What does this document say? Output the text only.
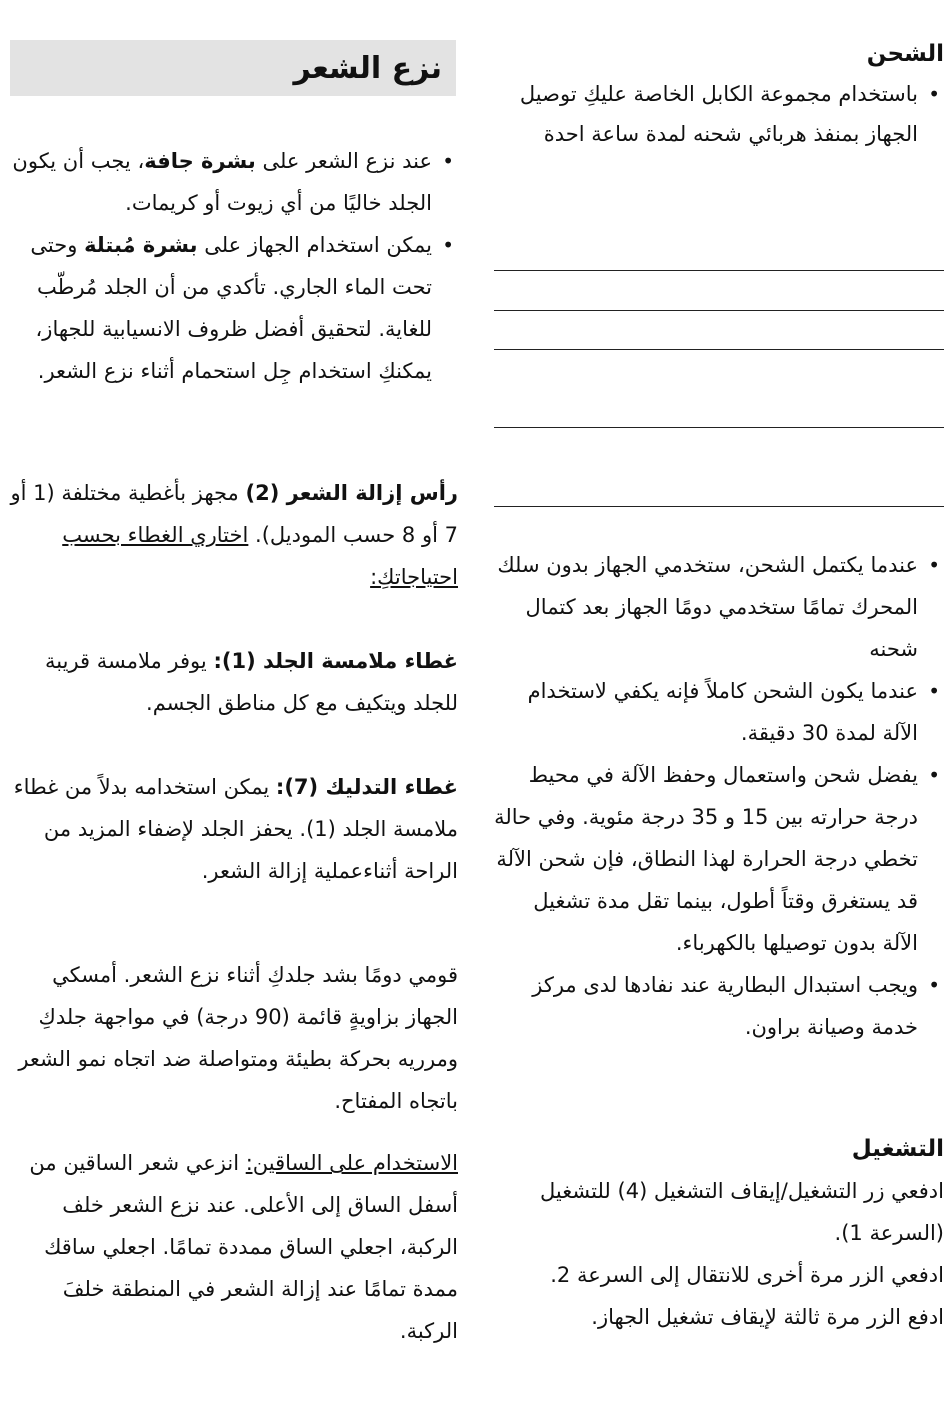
نزع الشعر
• عند نزع الشعر على بشرة جافة، يجب أن يكون الجلد خاليًا من أي زيوت أو كريمات.
• يمكن استخدام الجهاز على بشرة مُبتلة وحتى تحت الماء الجاري. تأكدي من أن الجلد مُرطّب للغاية. لتحقيق أفضل ظروف الانسيابية للجهاز، يمكنكِ استخدام جِل استحمام أثناء نزع الشعر.

رأس إزالة الشعر (2) مجهز بأغطية مختلفة (1 أو 7 أو 8 حسب الموديل). اختاري الغطاء بحسب احتياجاتكِ:

غطاء ملامسة الجلد (1): يوفر ملامسة قريبة للجلد ويتكيف مع كل مناطق الجسم.

غطاء التدليك (7): يمكن استخدامه بدلاً من غطاء ملامسة الجلد (1). يحفز الجلد لإضفاء المزيد من الراحة أثناءعملية إزالة الشعر.

قومي دومًا بشد جلدكِ أثناء نزع الشعر. أمسكي الجهاز بزاويةٍ قائمة (90 درجة) في مواجهة جلدكِ ومرريه بحركة بطيئة ومتواصلة ضد اتجاه نمو الشعر باتجاه المفتاح.

الاستخدام على الساقين: انزعي شعر الساقين من أسفل الساق إلى الأعلى. عند نزع الشعر خلف الركبة، اجعلي الساق ممددة تمامًا. اجعلي ساقك ممدة تمامًا عند إزالة الشعر في المنطقة خلفَ الركبة.

الشحن

• باستخدام مجموعة الكابل الخاصة عليكِ توصيل الجهاز بمنفذ هربائي شحنه لمدة ساعة احدة
• عندما يكتمل الشحن، ستخدمي الجهاز بدون سلك المحرك تمامًا ستخدمي دومًا الجهاز بعد كتمال شحنه
• عندما يكون الشحن كاملاً فإنه يكفي لاستخدام الآلة لمدة 30 دقيقة.
• يفضل شحن واستعمال وحفظ الآلة في محيط درجة حرارته بين 15 و 35 درجة مئوية. وفي حالة تخطي درجة الحرارة لهذا النطاق، فإن شحن الآلة قد يستغرق وقتاً أطول، بينما تقل مدة تشغيل الآلة بدون توصيلها بالكهرباء.
• ويجب استبدال البطارية عند نفادها لدى مركز خدمة وصيانة براون.

التشغيل

ادفعي زر التشغيل/إيقاف التشغيل (4) للتشغيل (السرعة 1).

ادفعي الزر مرة أخرى للانتقال إلى السرعة 2.

ادفع الزر مرة ثالثة لإيقاف تشغيل الجهاز.
